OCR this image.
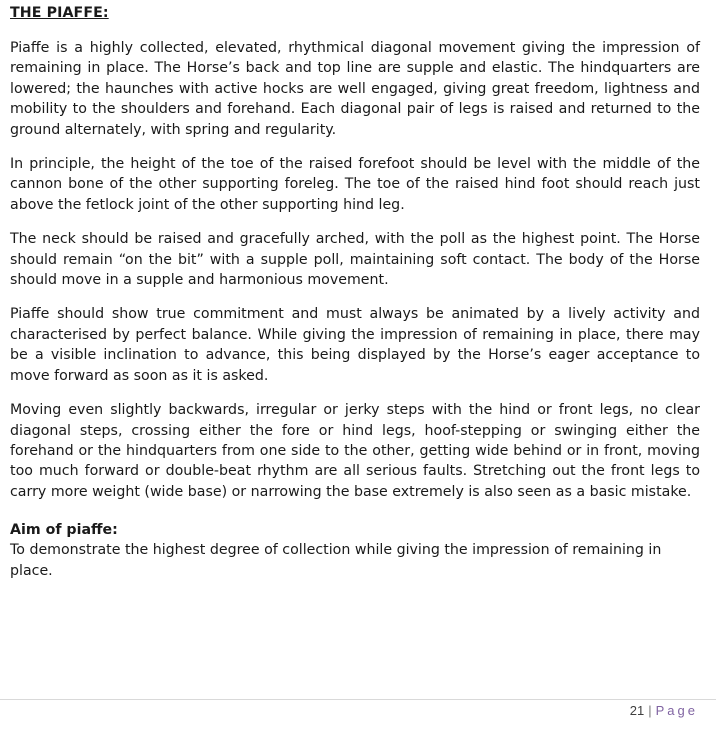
THE PIAFFE:

Piaffe is a highly collected, elevated, rhythmical diagonal movement giving the impression of remaining in place. The Horse’s back and top line are supple and elastic. The hindquarters are lowered; the haunches with active hocks are well engaged, giving great freedom, lightness and mobility to the shoulders and forehand. Each diagonal pair of legs is raised and returned to the ground alternately, with spring and regularity.

In principle, the height of the toe of the raised forefoot should be level with the middle of the cannon bone of the other supporting foreleg. The toe of the raised hind foot should reach just above the fetlock joint of the other supporting hind leg.

The neck should be raised and gracefully arched, with the poll as the highest point. The Horse should remain “on the bit” with a supple poll, maintaining soft contact. The body of the Horse should move in a supple and harmonious movement.

Piaffe should show true commitment and must always be animated by a lively activity and characterised by perfect balance. While giving the impression of remaining in place, there may be a visible inclination to advance, this being displayed by the Horse’s eager acceptance to move forward as soon as it is asked.

Moving even slightly backwards, irregular or jerky steps with the hind or front legs, no clear diagonal steps, crossing either the fore or hind legs, hoof-stepping or swinging either the forehand or the hindquarters from one side to the other, getting wide behind or in front, moving too much forward or double-beat rhythm are all serious faults. Stretching out the front legs to carry more weight (wide base) or narrowing the base extremely is also seen as a basic mistake.

Aim of piaffe:

To demonstrate the highest degree of collection while giving the impression of remaining in place.

21 | Page
